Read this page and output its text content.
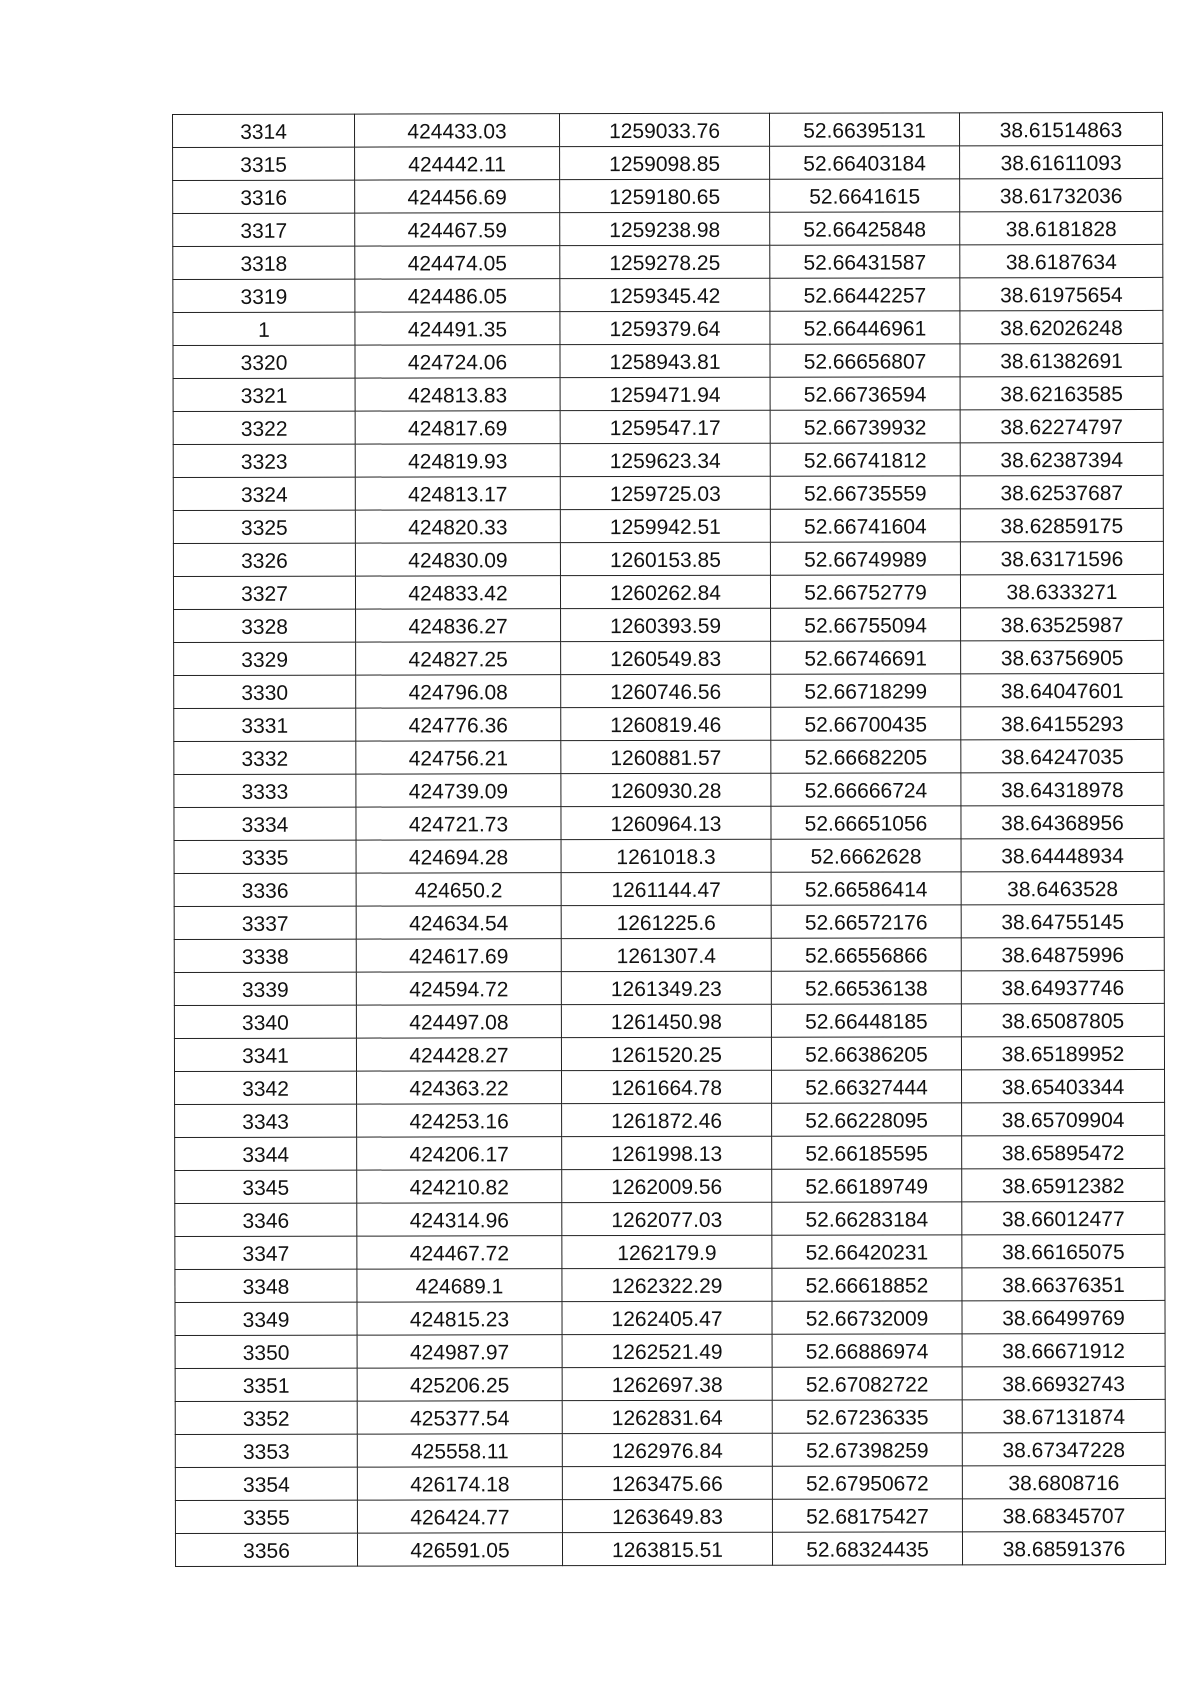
3314	424433.03	1259033.76	52.66395131	38.61514863
3315	424442.11	1259098.85	52.66403184	38.61611093
3316	424456.69	1259180.65	52.6641615	38.61732036
3317	424467.59	1259238.98	52.66425848	38.6181828
3318	424474.05	1259278.25	52.66431587	38.6187634
3319	424486.05	1259345.42	52.66442257	38.61975654
1	424491.35	1259379.64	52.66446961	38.62026248
3320	424724.06	1258943.81	52.66656807	38.61382691
3321	424813.83	1259471.94	52.66736594	38.62163585
3322	424817.69	1259547.17	52.66739932	38.62274797
3323	424819.93	1259623.34	52.66741812	38.62387394
3324	424813.17	1259725.03	52.66735559	38.62537687
3325	424820.33	1259942.51	52.66741604	38.62859175
3326	424830.09	1260153.85	52.66749989	38.63171596
3327	424833.42	1260262.84	52.66752779	38.6333271
3328	424836.27	1260393.59	52.66755094	38.63525987
3329	424827.25	1260549.83	52.66746691	38.63756905
3330	424796.08	1260746.56	52.66718299	38.64047601
3331	424776.36	1260819.46	52.66700435	38.64155293
3332	424756.21	1260881.57	52.66682205	38.64247035
3333	424739.09	1260930.28	52.66666724	38.64318978
3334	424721.73	1260964.13	52.66651056	38.64368956
3335	424694.28	1261018.3	52.6662628	38.64448934
3336	424650.2	1261144.47	52.66586414	38.6463528
3337	424634.54	1261225.6	52.66572176	38.64755145
3338	424617.69	1261307.4	52.66556866	38.64875996
3339	424594.72	1261349.23	52.66536138	38.64937746
3340	424497.08	1261450.98	52.66448185	38.65087805
3341	424428.27	1261520.25	52.66386205	38.65189952
3342	424363.22	1261664.78	52.66327444	38.65403344
3343	424253.16	1261872.46	52.66228095	38.65709904
3344	424206.17	1261998.13	52.66185595	38.65895472
3345	424210.82	1262009.56	52.66189749	38.65912382
3346	424314.96	1262077.03	52.66283184	38.66012477
3347	424467.72	1262179.9	52.66420231	38.66165075
3348	424689.1	1262322.29	52.66618852	38.66376351
3349	424815.23	1262405.47	52.66732009	38.66499769
3350	424987.97	1262521.49	52.66886974	38.66671912
3351	425206.25	1262697.38	52.67082722	38.66932743
3352	425377.54	1262831.64	52.67236335	38.67131874
3353	425558.11	1262976.84	52.67398259	38.67347228
3354	426174.18	1263475.66	52.67950672	38.6808716
3355	426424.77	1263649.83	52.68175427	38.68345707
3356	426591.05	1263815.51	52.68324435	38.68591376
